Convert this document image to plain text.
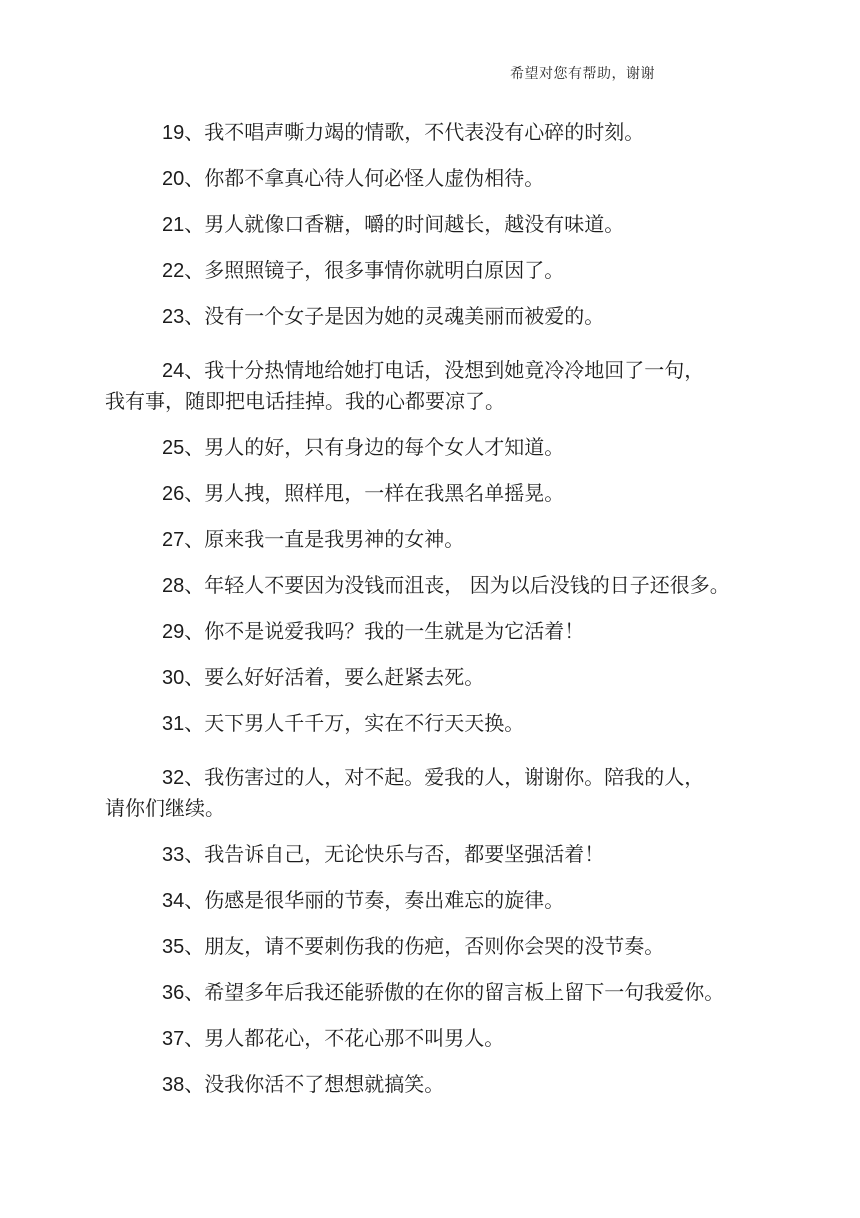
希望对您有帮助，谢谢

19、我不唱声嘶力竭的情歌，不代表没有心碎的时刻。

20、你都不拿真心待人何必怪人虚伪相待。

21、男人就像口香糖，嚼的时间越长，越没有味道。

22、多照照镜子，很多事情你就明白原因了。

23、没有一个女子是因为她的灵魂美丽而被爱的。

24、我十分热情地给她打电话，没想到她竟冷冷地回了一句，
我有事，随即把电话挂掉。我的心都要凉了。

25、男人的好，只有身边的每个女人才知道。

26、男人拽，照样甩，一样在我黑名单摇晃。

27、原来我一直是我男神的女神。

28、年轻人不要因为没钱而沮丧， 因为以后没钱的日子还很多。

29、你不是说爱我吗？我的一生就是为它活着！

30、要么好好活着，要么赶紧去死。

31、天下男人千千万，实在不行天天换。

32、我伤害过的人，对不起。爱我的人，谢谢你。陪我的人，
请你们继续。

33、我告诉自己，无论快乐与否，都要坚强活着！

34、伤感是很华丽的节奏，奏出难忘的旋律。

35、朋友，请不要刺伤我的伤疤，否则你会哭的没节奏。

36、希望多年后我还能骄傲的在你的留言板上留下一句我爱你。

37、男人都花心，不花心那不叫男人。

38、没我你活不了想想就搞笑。
